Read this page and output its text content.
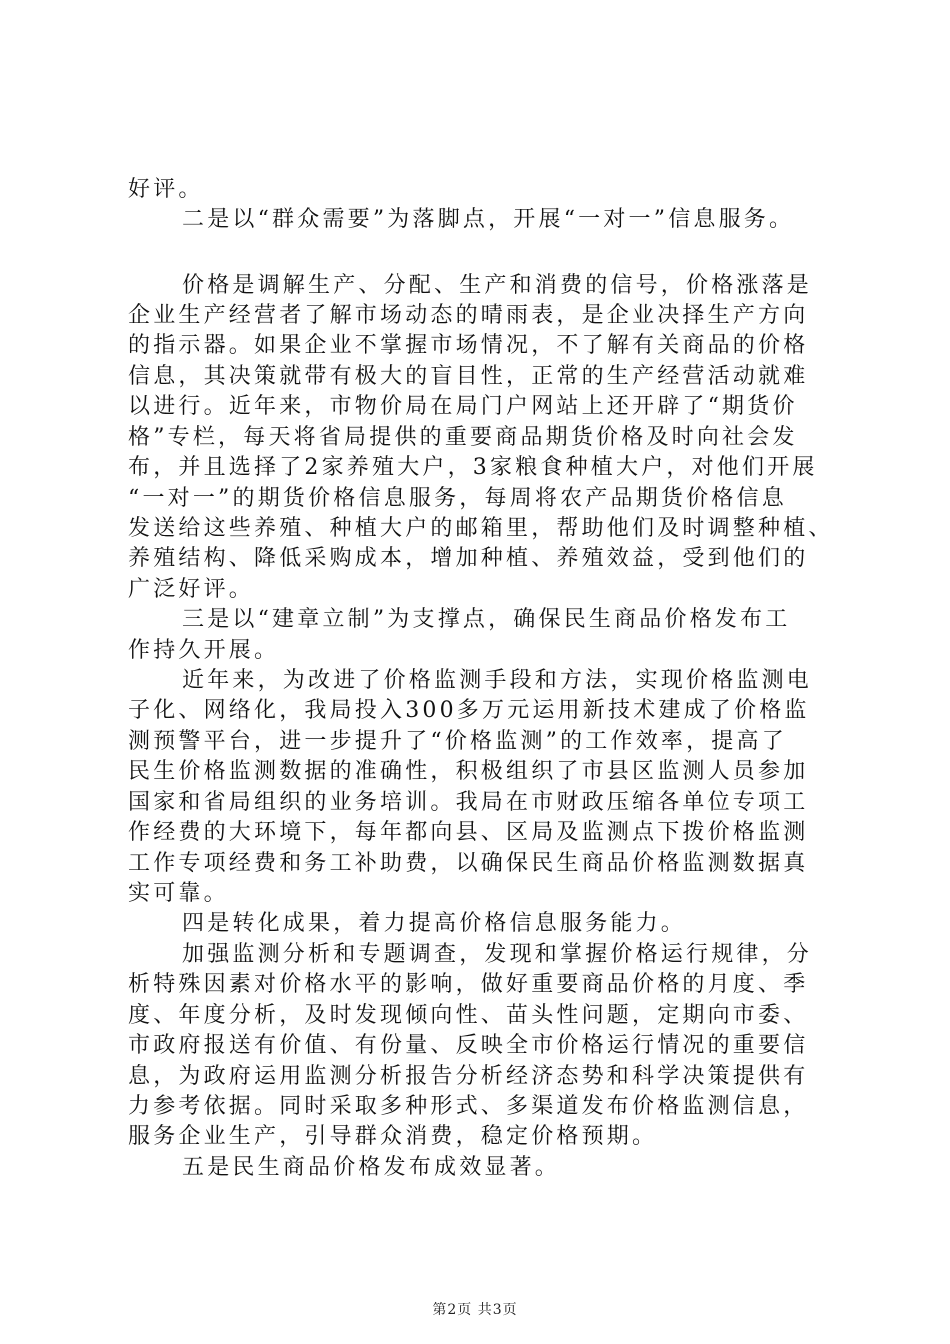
好评。
二是以“群众需要”为落脚点，开展“一对一”信息服务。
价格是调解生产、分配、生产和消费的信号，价格涨落是
企业生产经营者了解市场动态的晴雨表，是企业决择生产方向
的指示器。如果企业不掌握市场情况，不了解有关商品的价格
信息，其决策就带有极大的盲目性，正常的生产经营活动就难
以进行。近年来，市物价局在局门户网站上还开辟了“期货价
格”专栏，每天将省局提供的重要商品期货价格及时向社会发
布，并且选择了2家养殖大户，3家粮食种植大户，对他们开展
“一对一”的期货价格信息服务，每周将农产品期货价格信息
发送给这些养殖、种植大户的邮箱里，帮助他们及时调整种植、
养殖结构、降低采购成本，增加种植、养殖效益，受到他们的
广泛好评。
三是以“建章立制”为支撑点，确保民生商品价格发布工
作持久开展。
近年来，为改进了价格监测手段和方法，实现价格监测电
子化、网络化，我局投入300多万元运用新技术建成了价格监
测预警平台，进一步提升了“价格监测”的工作效率，提高了
民生价格监测数据的准确性，积极组织了市县区监测人员参加
国家和省局组织的业务培训。我局在市财政压缩各单位专项工
作经费的大环境下，每年都向县、区局及监测点下拨价格监测
工作专项经费和务工补助费，以确保民生商品价格监测数据真
实可靠。
四是转化成果，着力提高价格信息服务能力。
加强监测分析和专题调查，发现和掌握价格运行规律，分
析特殊因素对价格水平的影响，做好重要商品价格的月度、季
度、年度分析，及时发现倾向性、苗头性问题，定期向市委、
市政府报送有价值、有份量、反映全市价格运行情况的重要信
息，为政府运用监测分析报告分析经济态势和科学决策提供有
力参考依据。同时采取多种形式、多渠道发布价格监测信息，
服务企业生产，引导群众消费，稳定价格预期。
五是民生商品价格发布成效显著。
第2页 共3页
